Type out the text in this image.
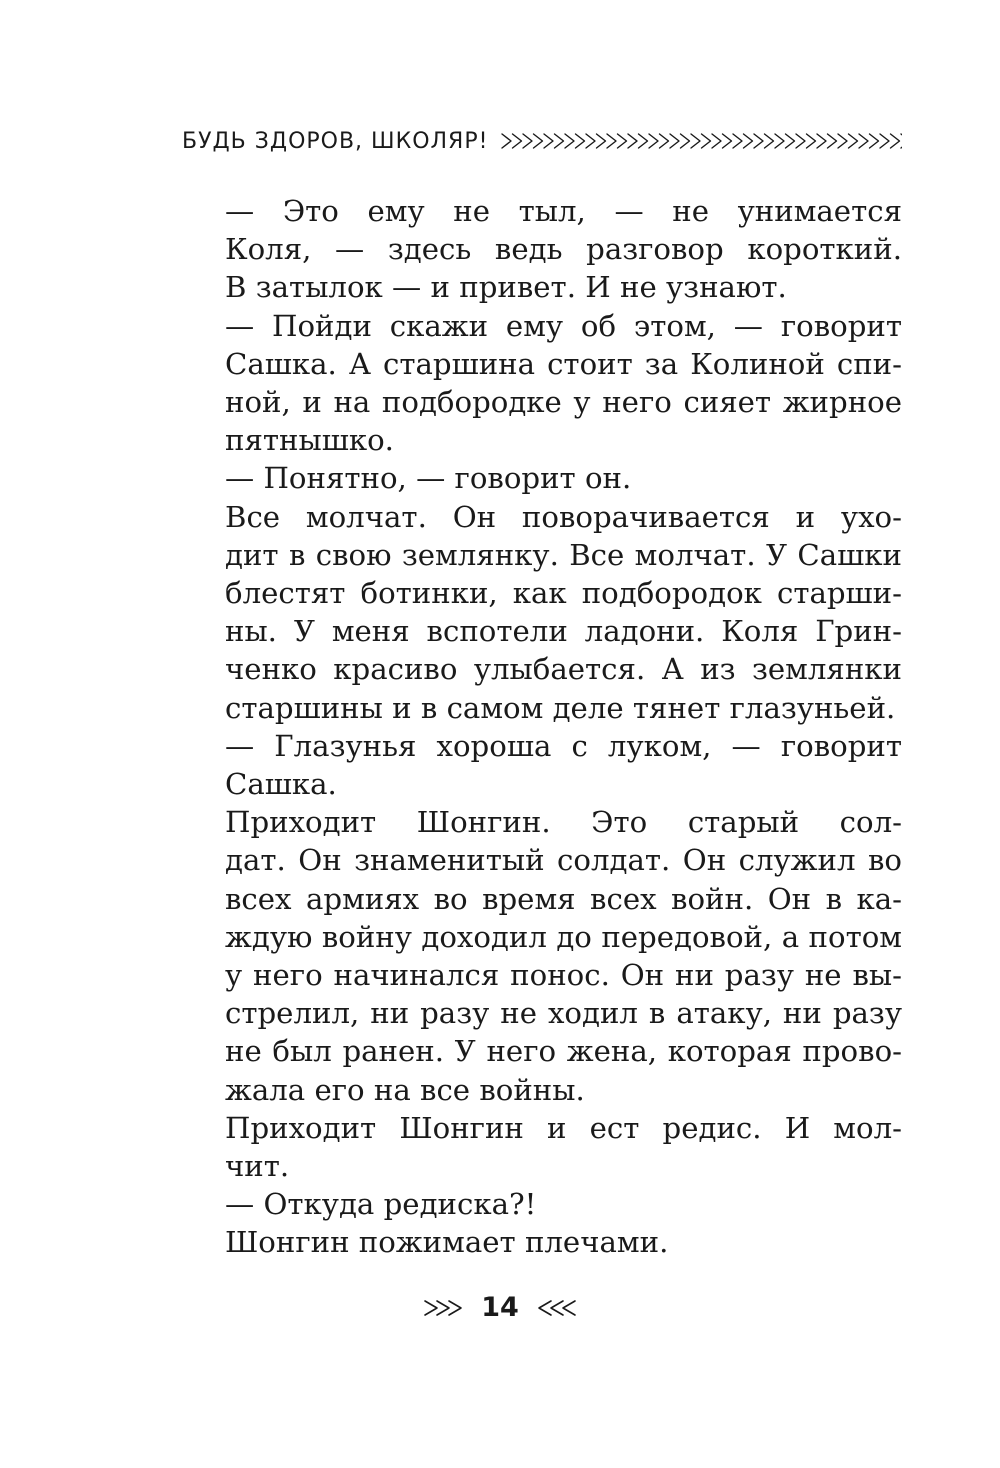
БУДЬ ЗДОРОВ, ШКОЛЯР!

— Это ему не тыл, — не унимается
Коля, — здесь ведь разговор короткий.
В затылок — и привет. И не узнают.

— Пойди скажи ему об этом, — говорит
Сашка. А старшина стоит за Колиной спи-
ной, и на подбородке у него сияет жирное
пятнышко.

— Понятно, — говорит он.

Все молчат. Он поворачивается и ухо-
дит в свою землянку. Все молчат. У Сашки
блестят ботинки, как подбородок старши-
ны. У меня вспотели ладони. Коля Грин-
ченко красиво улыбается. А из землянки
старшины и в самом деле тянет глазуньей.

— Глазунья хороша с луком, — говорит
Сашка.

Приходит Шонгин. Это старый сол-
дат. Он знаменитый солдат. Он служил во
всех армиях во время всех войн. Он в ка-
ждую войну доходил до передовой, а потом
у него начинался понос. Он ни разу не вы-
стрелил, ни разу не ходил в атаку, ни разу
не был ранен. У него жена, которая прово-
жала его на все войны.

Приходит Шонгин и ест редис. И мол-
чит.

— Откуда редиска?!

Шонгин пожимает плечами.

14
